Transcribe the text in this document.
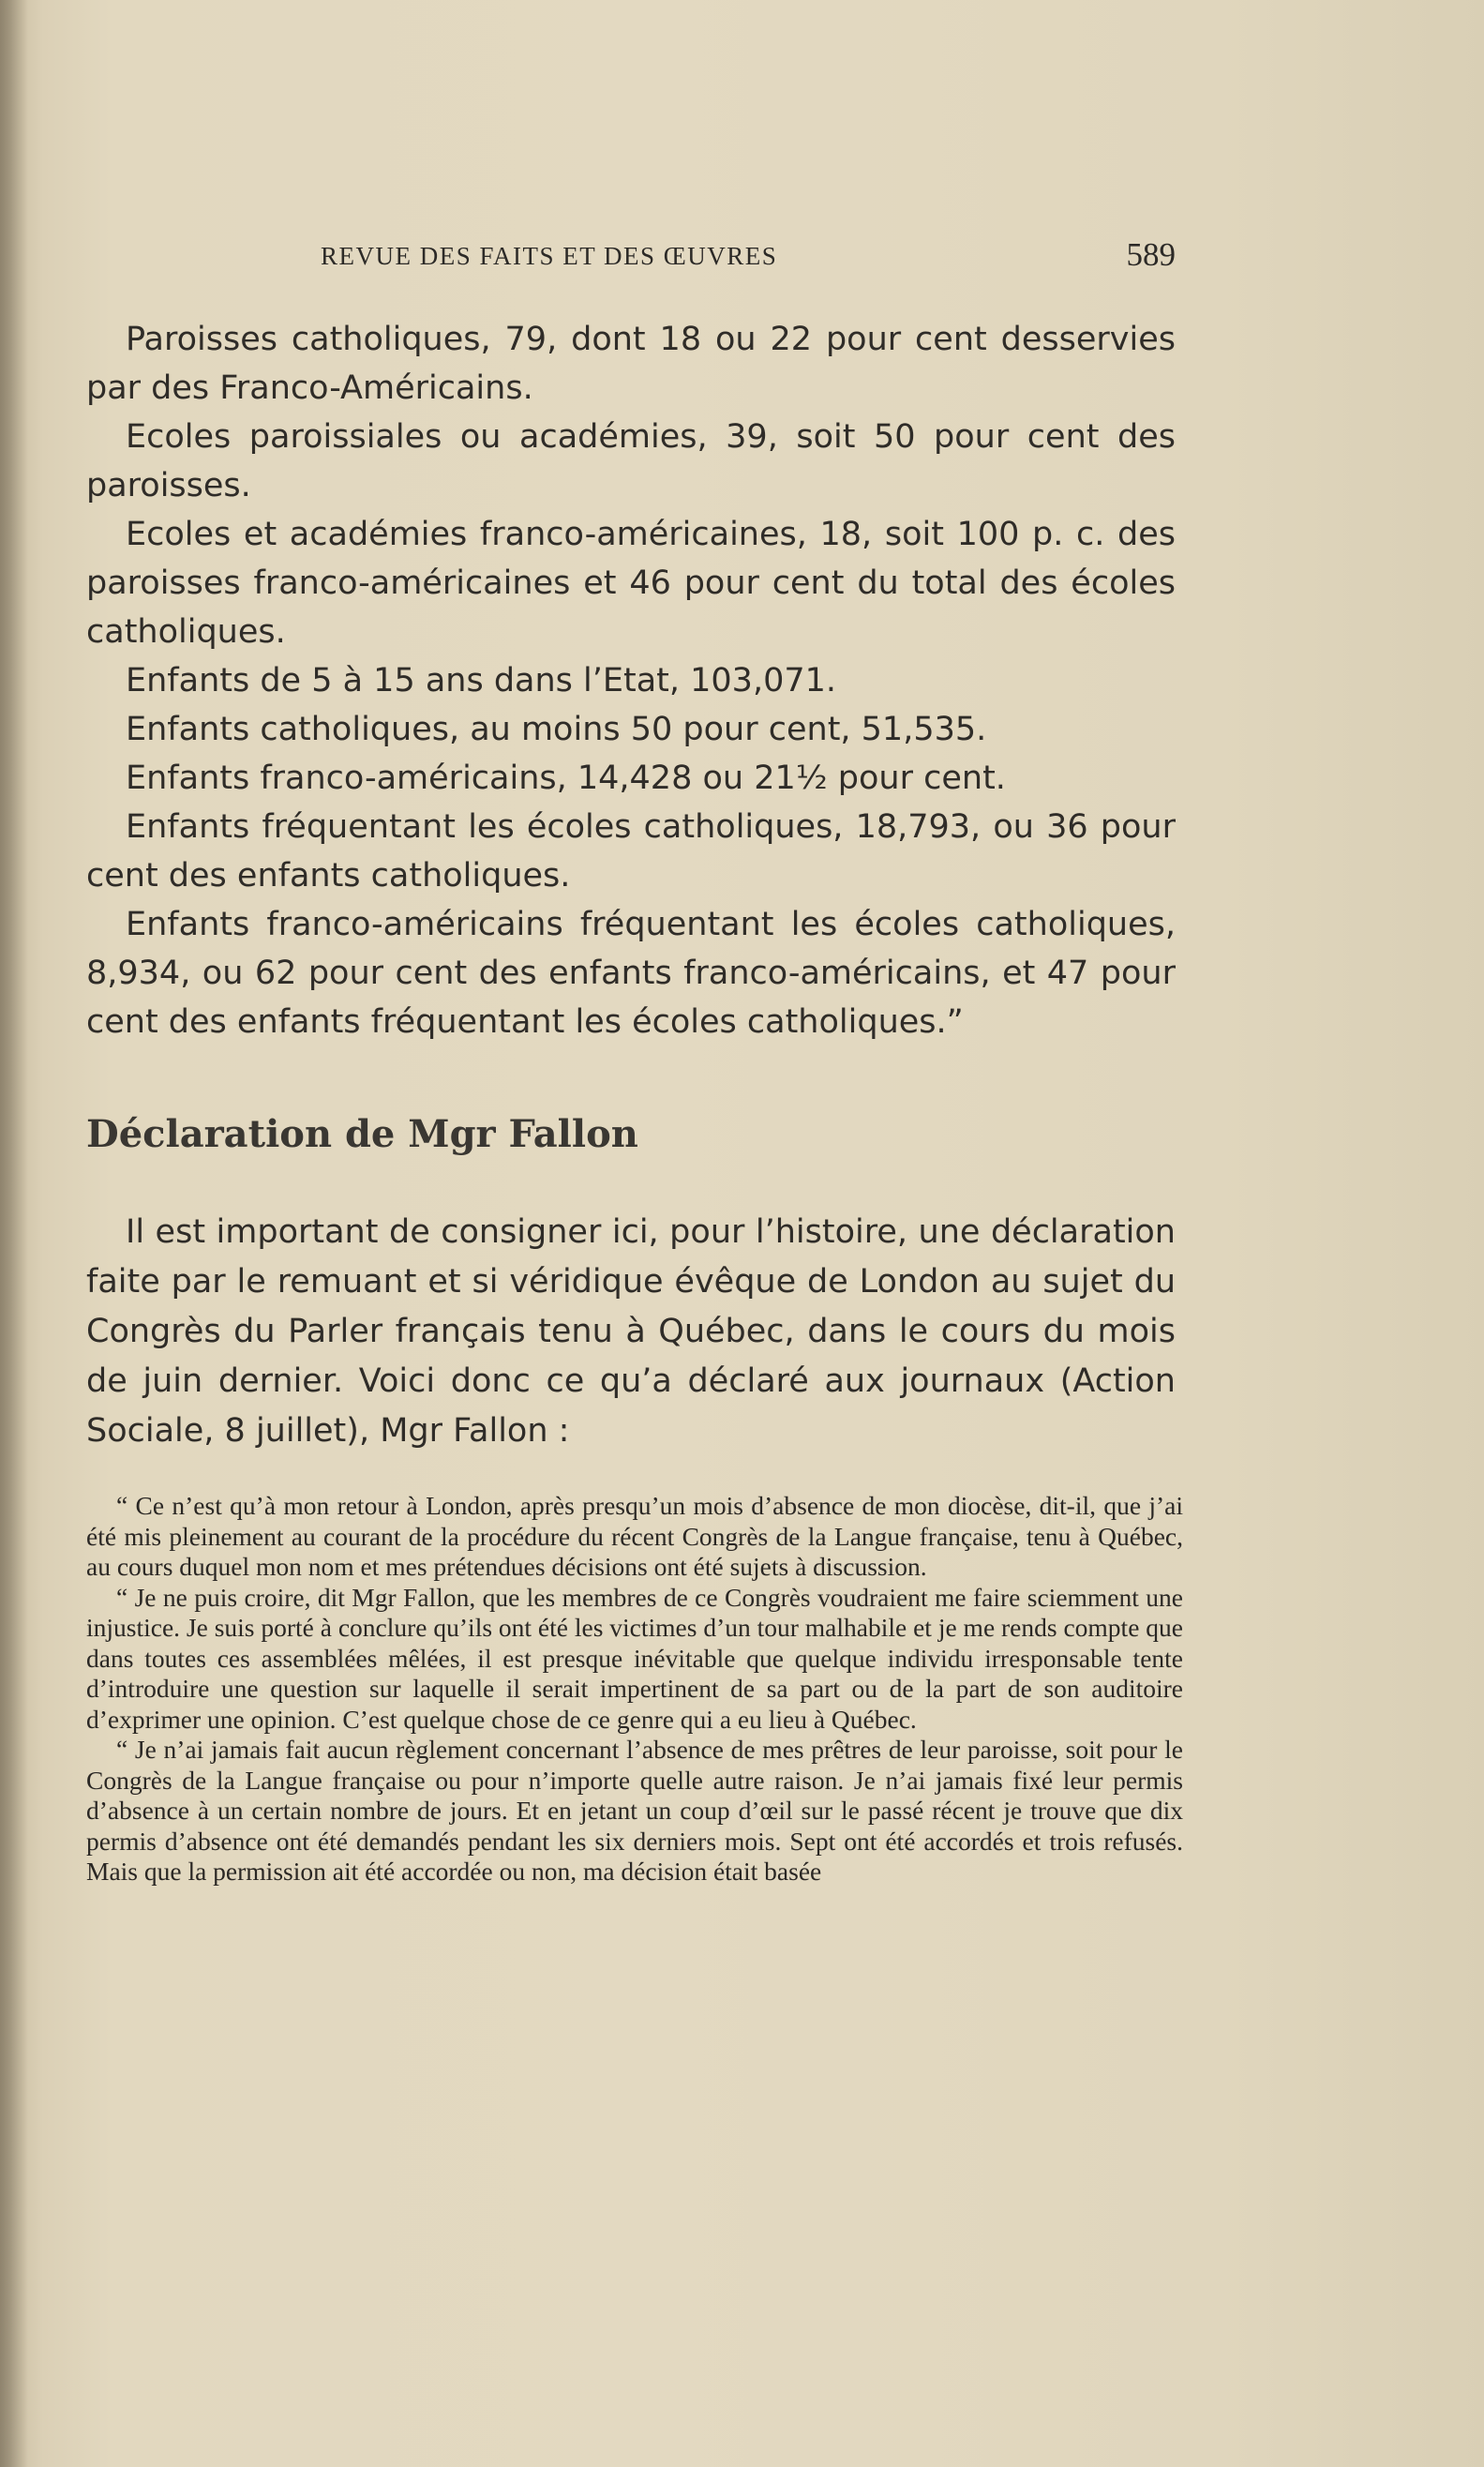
REVUE DES FAITS ET DES ŒUVRES	589

Paroisses catholiques, 79, dont 18 ou 22 pour cent desservies par des Franco-Américains.

Ecoles paroissiales ou académies, 39, soit 50 pour cent des paroisses.

Ecoles et académies franco-américaines, 18, soit 100 p. c. des paroisses franco-américaines et 46 pour cent du total des écoles catholiques.

Enfants de 5 à 15 ans dans l’Etat, 103,071.

Enfants catholiques, au moins 50 pour cent, 51,535.

Enfants franco-américains, 14,428 ou 21½ pour cent.

Enfants fréquentant les écoles catholiques, 18,793, ou 36 pour cent des enfants catholiques.

Enfants franco-américains fréquentant les écoles catholiques, 8,934, ou 62 pour cent des enfants franco-américains, et 47 pour cent des enfants fréquentant les écoles catholiques.”

Déclaration de Mgr Fallon

Il est important de consigner ici, pour l’histoire, une déclaration faite par le remuant et si véridique évêque de London au sujet du Congrès du Parler français tenu à Québec, dans le cours du mois de juin dernier. Voici donc ce qu’a déclaré aux journaux (Action Sociale, 8 juillet), Mgr Fallon :

“ Ce n’est qu’à mon retour à London, après presqu’un mois d’absence de mon diocèse, dit-il, que j’ai été mis pleinement au courant de la procédure du récent Congrès de la Langue française, tenu à Québec, au cours duquel mon nom et mes prétendues décisions ont été sujets à discussion.

“ Je ne puis croire, dit Mgr Fallon, que les membres de ce Congrès voudraient me faire sciemment une injustice. Je suis porté à conclure qu’ils ont été les victimes d’un tour malhabile et je me rends compte que dans toutes ces assemblées mêlées, il est presque inévitable que quelque individu irresponsable tente d’introduire une question sur laquelle il serait impertinent de sa part ou de la part de son auditoire d’exprimer une opinion. C’est quelque chose de ce genre qui a eu lieu à Québec.

“ Je n’ai jamais fait aucun règlement concernant l’absence de mes prêtres de leur paroisse, soit pour le Congrès de la Langue française ou pour n’importe quelle autre raison. Je n’ai jamais fixé leur permis d’absence à un certain nombre de jours. Et en jetant un coup d’œil sur le passé récent je trouve que dix permis d’absence ont été demandés pendant les six derniers mois. Sept ont été accordés et trois refusés. Mais que la permission ait été accordée ou non, ma décision était basée
